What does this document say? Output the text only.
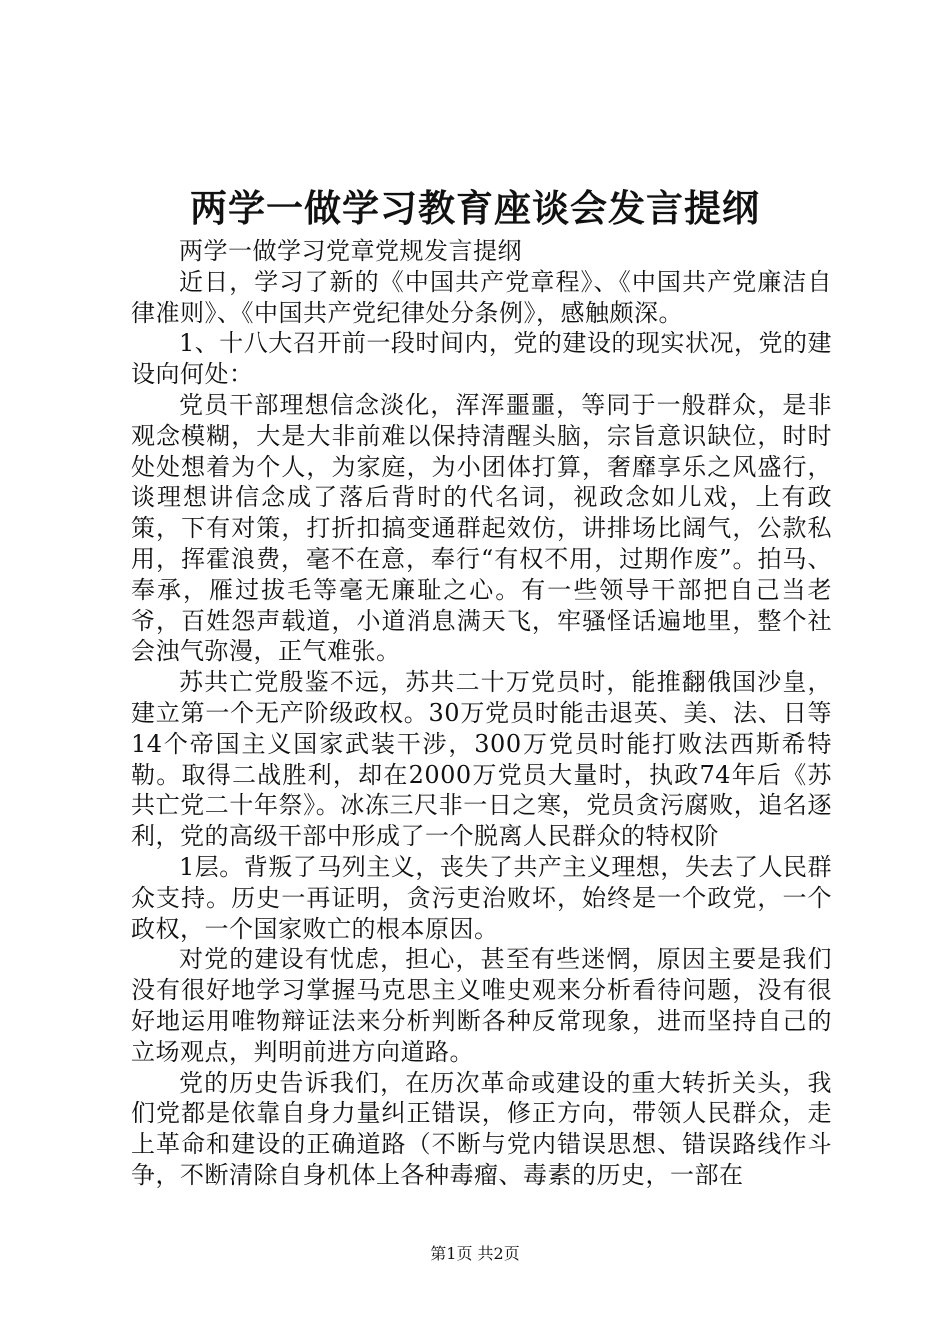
两学一做学习教育座谈会发言提纲

两学一做学习党章党规发言提纲

近日，学习了新的《中国共产党章程》、《中国共产党廉洁自律准则》、《中国共产党纪律处分条例》，感触颇深。

1、十八大召开前一段时间内，党的建设的现实状况，党的建设向何处：

党员干部理想信念淡化，浑浑噩噩，等同于一般群众，是非观念模糊，大是大非前难以保持清醒头脑，宗旨意识缺位，时时处处想着为个人，为家庭，为小团体打算，奢靡享乐之风盛行，谈理想讲信念成了落后背时的代名词，视政念如儿戏，上有政策，下有对策，打折扣搞变通群起效仿，讲排场比阔气，公款私用，挥霍浪费，毫不在意，奉行“有权不用，过期作废”。拍马、奉承，雁过拔毛等毫无廉耻之心。有一些领导干部把自己当老爷，百姓怨声载道，小道消息满天飞，牢骚怪话遍地里，整个社会浊气弥漫，正气难张。

苏共亡党殷鉴不远，苏共二十万党员时，能推翻俄国沙皇，建立第一个无产阶级政权。30万党员时能击退英、美、法、日等14个帝国主义国家武装干涉，300万党员时能打败法西斯希特勒。取得二战胜利，却在2000万党员大量时，执政74年后《苏共亡党二十年祭》。冰冻三尺非一日之寒，党员贪污腐败，追名逐利，党的高级干部中形成了一个脱离人民群众的特权阶

1层。背叛了马列主义，丧失了共产主义理想，失去了人民群众支持。历史一再证明，贪污吏治败坏，始终是一个政党，一个政权，一个国家败亡的根本原因。

对党的建设有忧虑，担心，甚至有些迷惘，原因主要是我们没有很好地学习掌握马克思主义唯史观来分析看待问题，没有很好地运用唯物辩证法来分析判断各种反常现象，进而坚持自己的立场观点，判明前进方向道路。

党的历史告诉我们，在历次革命或建设的重大转折关头，我们党都是依靠自身力量纠正错误，修正方向，带领人民群众，走上革命和建设的正确道路（不断与党内错误思想、错误路线作斗争，不断清除自身机体上各种毒瘤、毒素的历史，一部在

第1页 共2页
